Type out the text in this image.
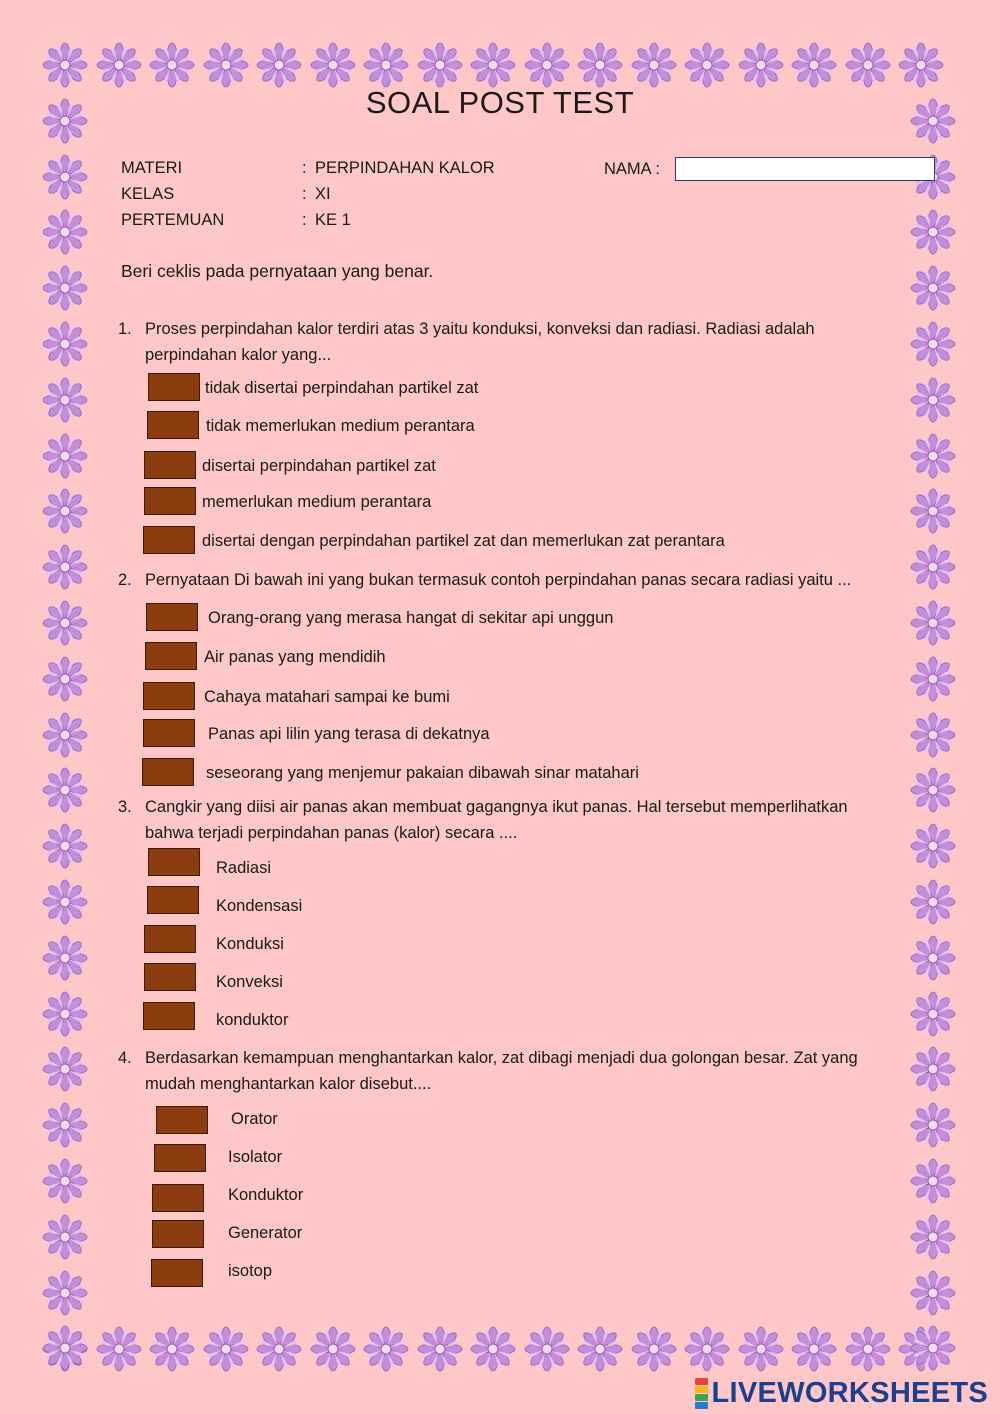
SOAL POST TEST
MATERI	: PERPINDAHAN KALOR
KELAS	: XI
PERTEMUAN	: KE 1
NAMA :
Beri ceklis pada pernyataan yang benar.
1. Proses perpindahan kalor terdiri atas 3 yaitu konduksi, konveksi dan radiasi. Radiasi adalah perpindahan kalor yang...
tidak disertai perpindahan partikel zat
tidak memerlukan medium perantara
disertai perpindahan partikel zat
memerlukan medium perantara
disertai dengan perpindahan partikel zat dan memerlukan zat perantara
2. Pernyataan Di bawah ini yang bukan termasuk contoh perpindahan panas secara radiasi yaitu ...
Orang-orang yang merasa hangat di sekitar api unggun
Air panas yang mendidih
Cahaya matahari sampai ke bumi
Panas api lilin yang terasa di dekatnya
seseorang yang menjemur pakaian dibawah sinar matahari
3. Cangkir yang diisi air panas akan membuat gagangnya ikut panas. Hal tersebut memperlihatkan bahwa terjadi perpindahan panas (kalor) secara ....
Radiasi
Kondensasi
Konduksi
Konveksi
konduktor
4. Berdasarkan kemampuan menghantarkan kalor, zat dibagi menjadi dua golongan besar. Zat yang mudah menghantarkan kalor disebut....
Orator
Isolator
Konduktor
Generator
isotop
LIVEWORKSHEETS
